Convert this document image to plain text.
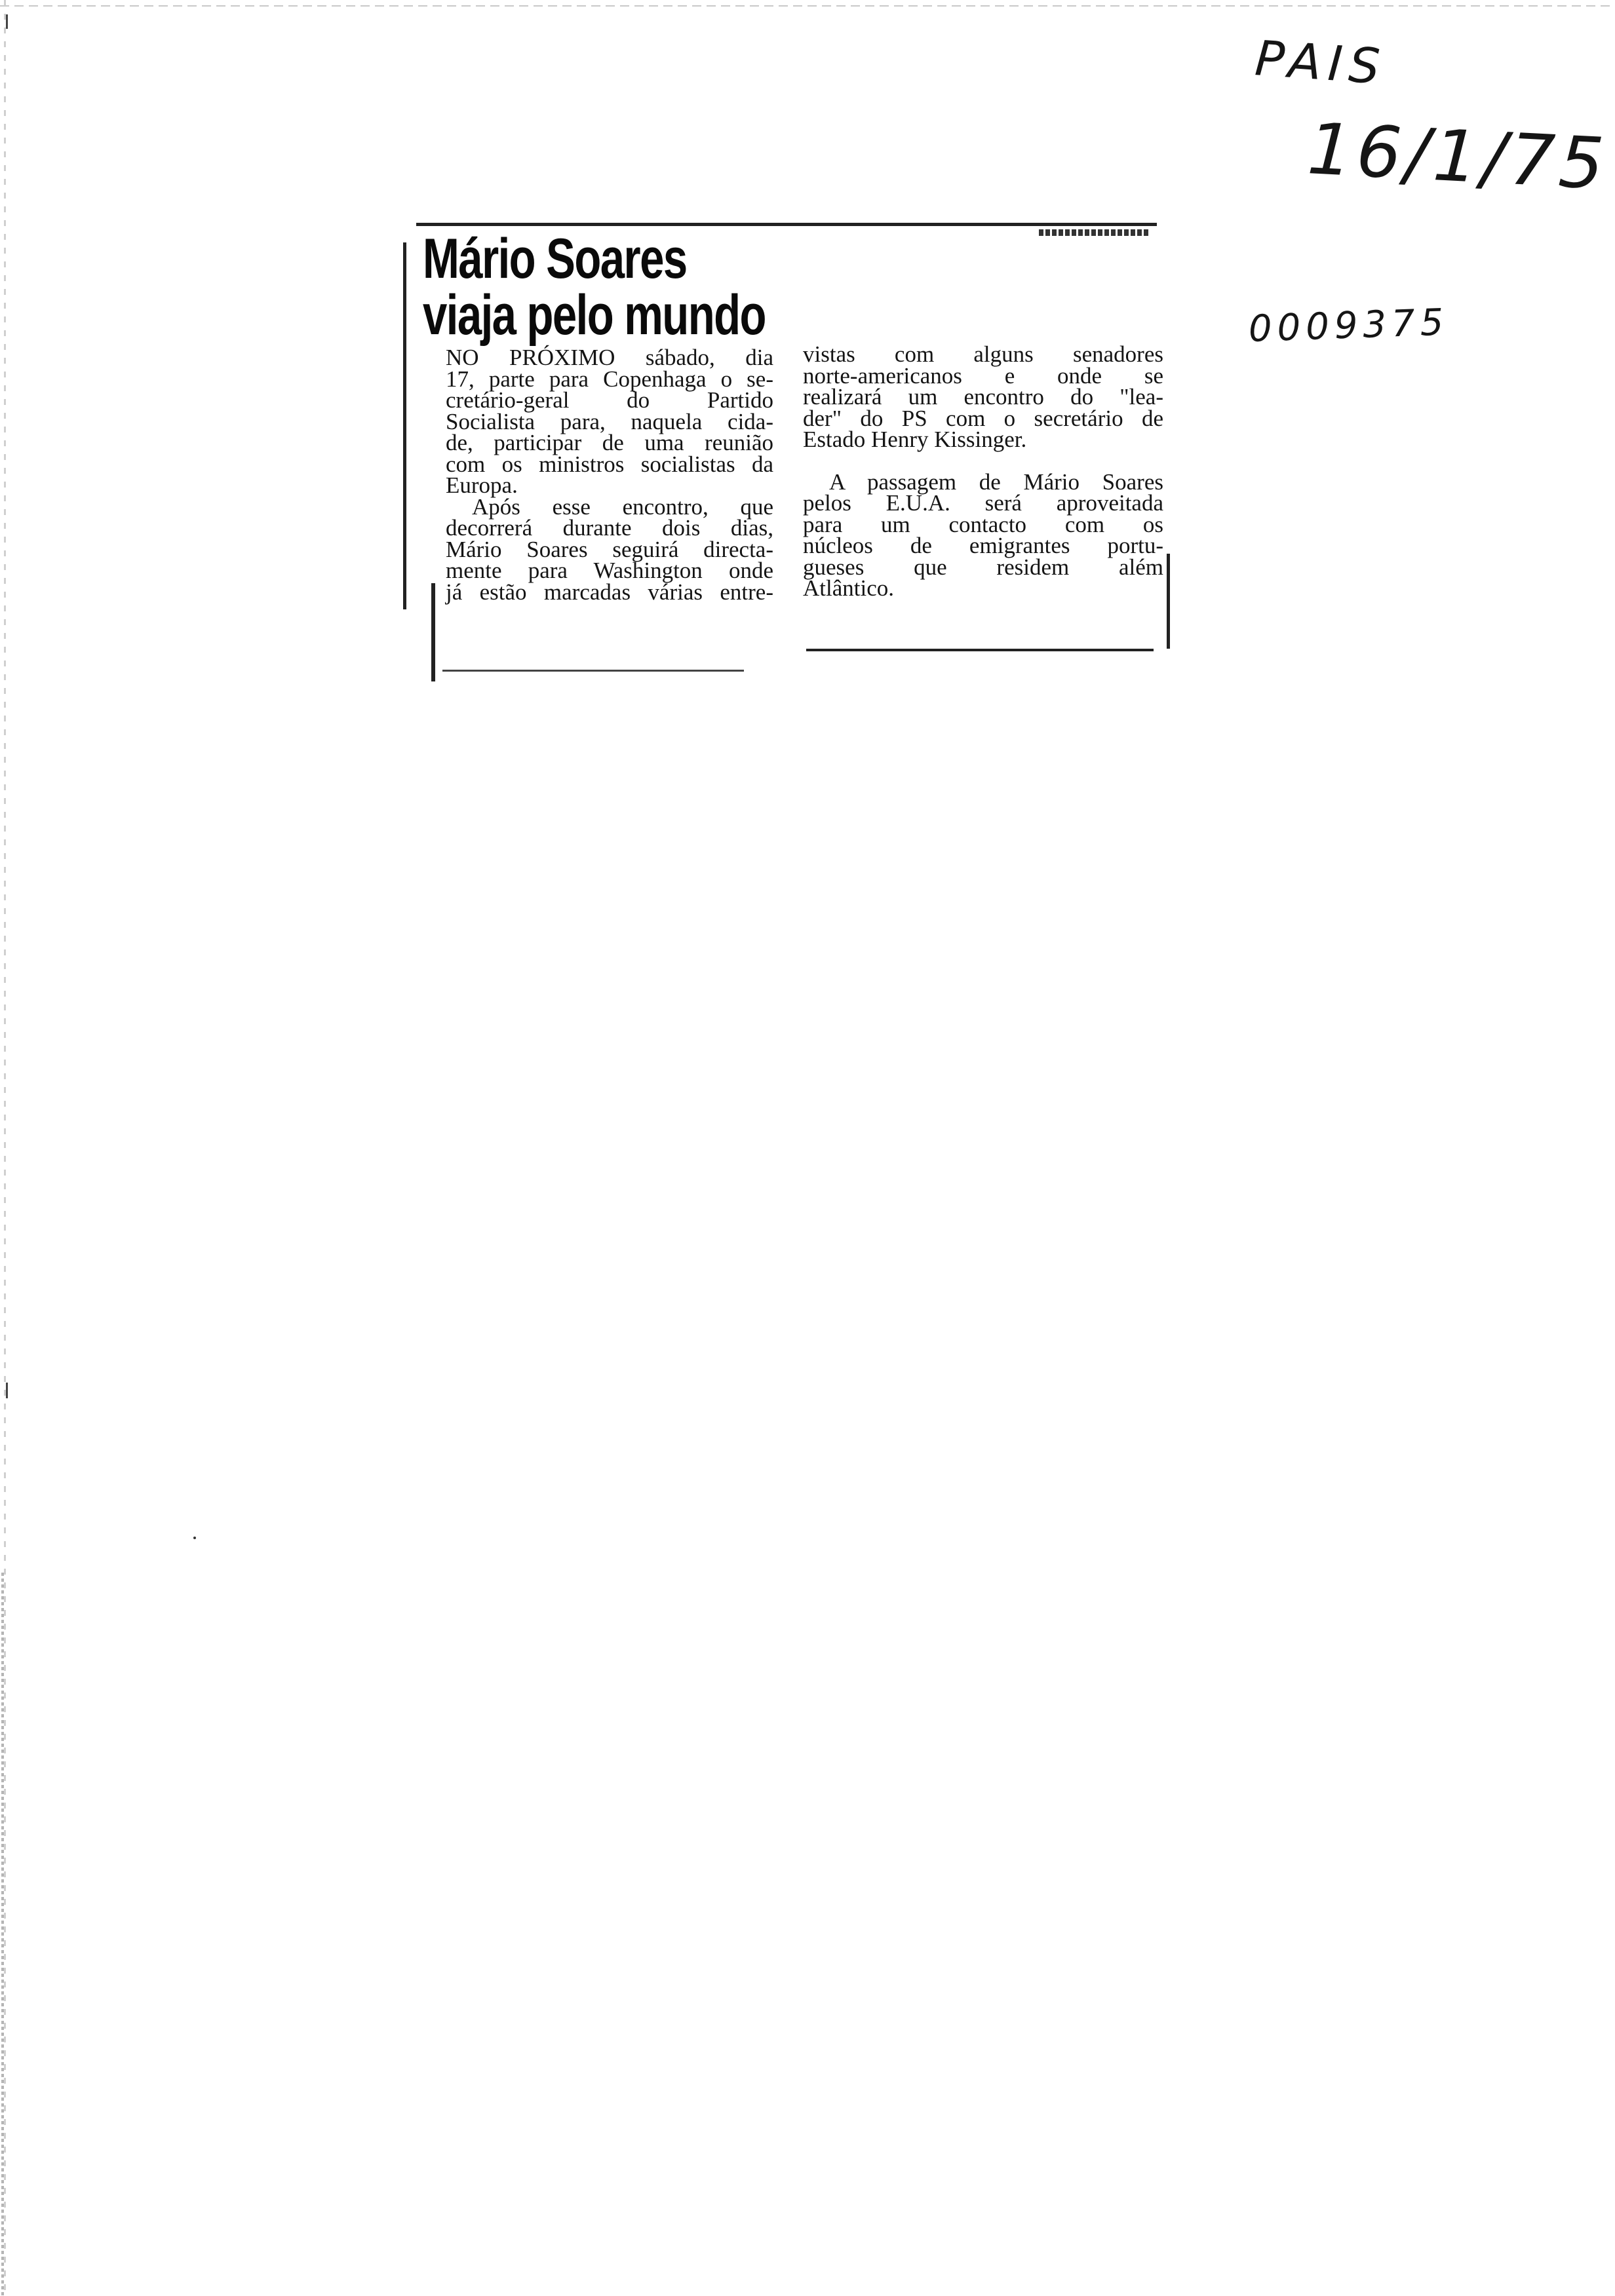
PAIS

16/1/75

0009375

Mário Soares
viaja pelo mundo
NO PRÓXIMO sábado, dia
17, parte para Copenhaga o se-
cretário-geral do Partido
Socialista para, naquela cida-
de, participar de uma reunião
com os ministros socialistas da
Europa.
Após esse encontro, que
decorrerá durante dois dias,
Mário Soares seguirá directa-
mente para Washington onde
já estão marcadas várias entre-
vistas com alguns senadores
norte-americanos e onde se
realizará um encontro do "lea-
der" do PS com o secretário de
Estado Henry Kissinger.
A passagem de Mário Soares
pelos E.U.A. será aproveitada
para um contacto com os
núcleos de emigrantes portu-
gueses que residem além
Atlântico.
